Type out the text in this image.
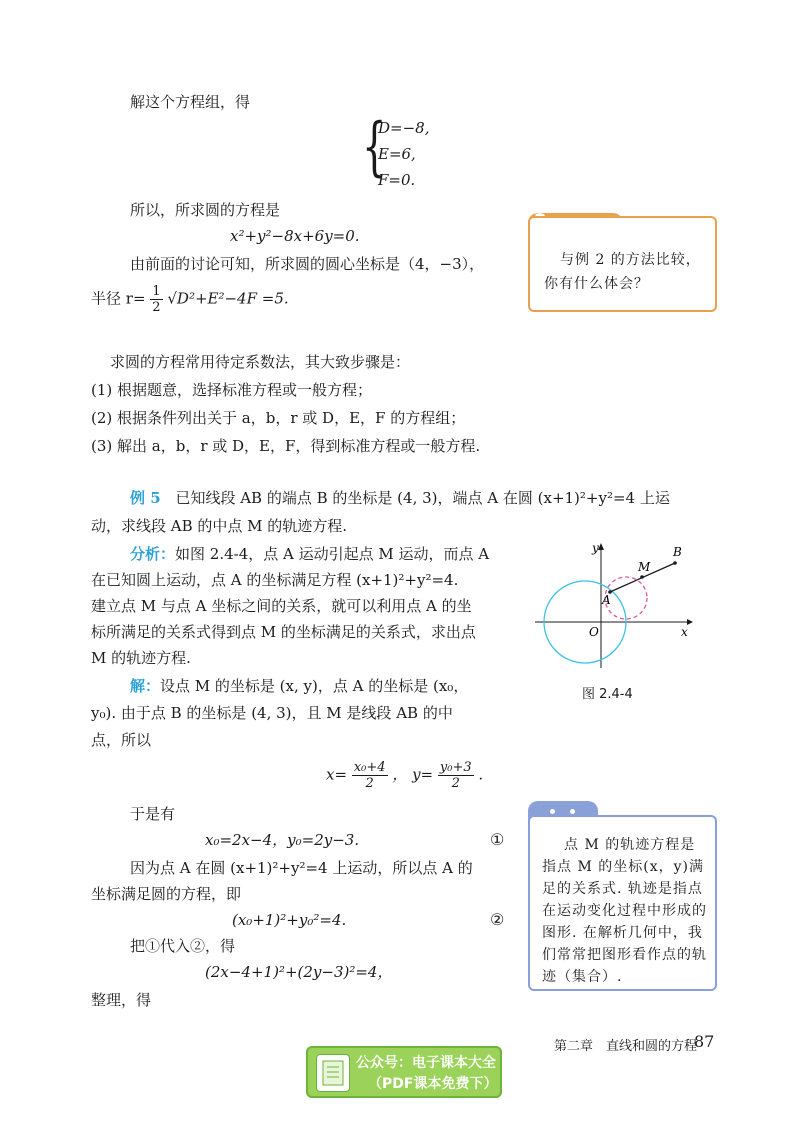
解这个方程组，得
{
D=−8,
E=6,
F=0.
所以，所求圆的方程是
x²+y²−8x+6y=0.
由前面的讨论可知，所求圆的圆心坐标是（4，−3），
半径 $r= \frac{1}{2} √D^2+E^2-4F =5$.
求圆的方程常用待定系数法，其大致步骤是：
(1) 根据题意，选择标准方程或一般方程；
(2) 根据条件列出关于 a，b，r 或 D，E，F 的方程组；
(3) 解出 a，b，r 或 D，E，F，得到标准方程或一般方程.
例 5 已知线段 AB 的端点 B 的坐标是 (4, 3)，端点 A 在圆 (x+1)²+y²=4 上运
动，求线段 AB 的中点 M 的轨迹方程.
分析：如图 2.4-4，点 A 运动引起点 M 运动，而点 A
在已知圆上运动，点 A 的坐标满足方程 (x+1)²+y²=4.
建立点 M 与点 A 坐标之间的关系，就可以利用点 A 的坐
标所满足的关系式得到点 M 的坐标满足的关系式，求出点
M 的轨迹方程.
解：设点 M 的坐标是 (x, y)，点 A 的坐标是 (x₀，
y₀). 由于点 B 的坐标是 (4, 3)，且 M 是线段 AB 的中
点，所以
$x= \frac{\text{x₀+4}}{2}$ ， $y= \frac{\text{y₀+3}}{2}$ .
于是有
x₀=2x−4，y₀=2y−3.	①
因为点 A 在圆 (x+1)²+y²=4 上运动，所以点 A 的
坐标满足圆的方程，即
(x₀+1)²+y₀²=4.	②
把①代入②，得
(2x−4+1)²+(2y−3)²=4，
整理，得
与例 2 的方法比较，
你有什么体会？
点 M 的轨迹方程是
指点 M 的坐标(x，y)满
足的关系式. 轨迹是指点
在运动变化过程中形成的
图形. 在解析几何中，我
们常常把图形看作点的轨
迹（集合）.
y
x
O
A
M
B
图 2.4-4
第二章　直线和圆的方程
87
公众号：电子课本大全
（PDF课本免费下）
